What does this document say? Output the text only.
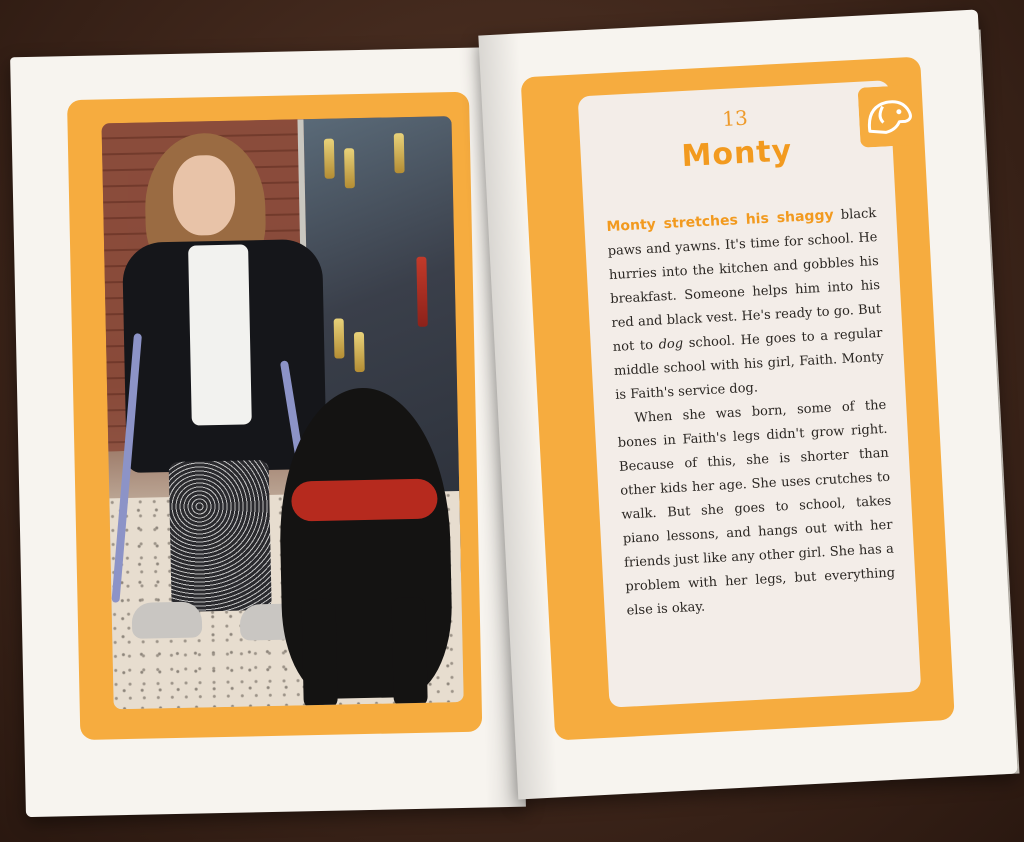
13
Monty
Monty stretches his shaggy black paws and yawns. It's time for school. He hurries into the kitchen and gobbles his breakfast. Someone helps him into his red and black vest. He's ready to go. But not to dog school. He goes to a regular middle school with his girl, Faith. Monty is Faith's service dog.
When she was born, some of the bones in Faith's legs didn't grow right. Because of this, she is shorter than other kids her age. She uses crutches to walk. But she goes to school, takes piano lessons, and hangs out with her friends just like any other girl. She has a problem with her legs, but everything else is okay.
